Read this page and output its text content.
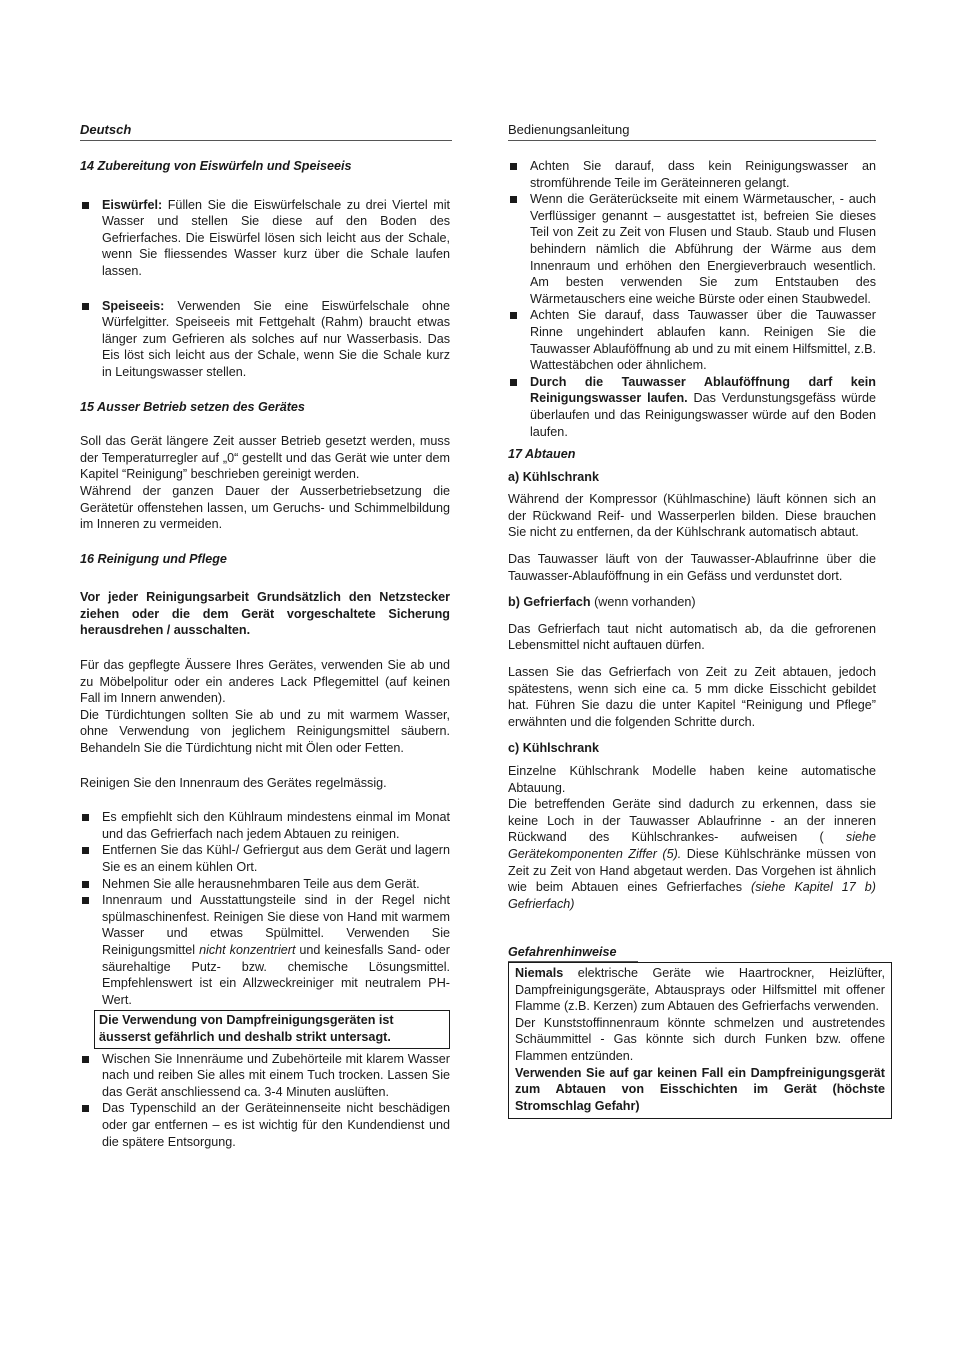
Deutsch	Bedienungsanleitung

14 Zubereitung von Eiswürfeln und Speiseeis

Eiswürfel: Füllen Sie die Eiswürfelschale zu drei Viertel mit Wasser und stellen Sie diese auf den Boden des Gefrierfaches. Die Eiswürfel lösen sich leicht aus der Schale, wenn Sie fliessendes Wasser kurz über die Schale laufen lassen.
Speiseeis: Verwenden Sie eine Eiswürfelschale ohne Würfelgitter. Speiseeis mit Fettgehalt (Rahm) braucht etwas länger zum Gefrieren als solches auf nur Wasserbasis. Das Eis löst sich leicht aus der Schale, wenn Sie die Schale kurz in Leitungswasser stellen.

15 Ausser Betrieb setzen des Gerätes

Soll das Gerät längere Zeit ausser Betrieb gesetzt werden, muss der Temperaturregler auf „0“ gestellt und das Gerät wie unter dem Kapitel “Reinigung” beschrieben gereinigt werden.

Während der ganzen Dauer der Ausserbetriebsetzung die Gerätetür offenstehen lassen, um Geruchs- und Schimmelbildung im Inneren zu vermeiden.

16 Reinigung und Pflege

Vor jeder Reinigungsarbeit Grundsätzlich den Netzstecker ziehen oder die dem Gerät vorgeschaltete Sicherung herausdrehen / ausschalten.

Für das gepflegte Äussere Ihres Gerätes, verwenden Sie ab und zu Möbelpolitur oder ein anderes Lack Pflegemittel (auf keinen Fall im Innern anwenden).

Die Türdichtungen sollten Sie ab und zu mit warmem Wasser, ohne Verwendung von jeglichem Reinigungsmittel säubern. Behandeln Sie die Türdichtung nicht mit Ölen oder Fetten.

Reinigen Sie den Innenraum des Gerätes regelmässig.

Es empfiehlt sich den Kühlraum mindestens einmal im Monat und das Gefrierfach nach jedem Abtauen zu reinigen.
Entfernen Sie das Kühl-/ Gefriergut aus dem Gerät und lagern Sie es an einem kühlen Ort.
Nehmen Sie alle herausnehmbaren Teile aus dem Gerät.
Innenraum und Ausstattungsteile sind in der Regel nicht spülmaschinenfest. Reinigen Sie diese von Hand mit warmem Wasser und etwas Spülmittel. Verwenden Sie Reinigungsmittel nicht konzentriert und keinesfalls Sand- oder säurehaltige Putz- bzw. chemische Lösungsmittel. Empfehlenswert ist ein Allzweckreiniger mit neutralem PH-Wert.
Die Verwendung von Dampfreinigungsgeräten ist äusserst gefährlich und deshalb strikt untersagt.
Wischen Sie Innenräume und Zubehörteile mit klarem Wasser nach und reiben Sie alles mit einem Tuch trocken. Lassen Sie das Gerät anschliessend ca. 3-4 Minuten auslüften.
Das Typenschild an der Geräteinnenseite nicht beschädigen oder gar entfernen – es ist wichtig für den Kundendienst und die spätere Entsorgung.
Achten Sie darauf, dass kein Reinigungswasser an stromführende Teile im Geräteinneren gelangt.
Wenn die Geräterückseite mit einem Wärmetauscher, - auch Verflüssiger genannt – ausgestattet ist, befreien Sie dieses Teil von Zeit zu Zeit von Flusen und Staub. Staub und Flusen behindern nämlich die Abführung der Wärme aus dem Innenraum und erhöhen den Energieverbrauch wesentlich. Am besten verwenden Sie zum Entstauben des Wärmetauschers eine weiche Bürste oder einen Staubwedel.
Achten Sie darauf, dass Tauwasser über die Tauwasser Rinne ungehindert ablaufen kann. Reinigen Sie die Tauwasser Ablauföffnung ab und zu mit einem Hilfsmittel, z.B. Wattestäbchen oder ähnlichem.
Durch die Tauwasser Ablauföffnung darf kein Reinigungswasser laufen. Das Verdunstungsgefäss würde überlaufen und das Reinigungswasser würde auf den Boden laufen.

17 Abtauen

a) Kühlschrank

Während der Kompressor (Kühlmaschine) läuft können sich an der Rückwand Reif- und Wasserperlen bilden. Diese brauchen Sie nicht zu entfernen, da der Kühlschrank automatisch abtaut.

Das Tauwasser läuft von der Tauwasser-Ablaufrinne über die Tauwasser-Ablauföffnung in ein Gefäss und verdunstet dort.

b) Gefrierfach (wenn vorhanden)

Das Gefrierfach taut nicht automatisch ab, da die gefrorenen Lebensmittel nicht auftauen dürfen.

Lassen Sie das Gefrierfach von Zeit zu Zeit abtauen, jedoch spätestens, wenn sich eine ca. 5 mm dicke Eisschicht gebildet hat. Führen Sie dazu die unter Kapitel “Reinigung und Pflege” erwähnten und die folgenden Schritte durch.

c) Kühlschrank

Einzelne Kühlschrank Modelle haben keine automatische Abtauung.

Die betreffenden Geräte sind dadurch zu erkennen, dass sie keine Loch in der Tauwasser Ablaufrinne - an der inneren Rückwand des Kühlschrankes- aufweisen ( siehe Gerätekomponenten Ziffer (5). Diese Kühlschränke müssen von Zeit zu Zeit von Hand abgetaut werden. Das Vorgehen ist ähnlich wie beim Abtauen eines Gefrierfaches (siehe Kapitel 17 b) Gefrierfach)

Gefahrenhinweise

Niemals elektrische Geräte wie Haartrockner, Heizlüfter, Dampfreinigungsgeräte, Abtausprays oder Hilfsmittel mit offener Flamme (z.B. Kerzen) zum Abtauen des Gefrierfachs verwenden.

Der Kunststoffinnenraum könnte schmelzen und austretendes Schäummittel - Gas könnte sich durch Funken bzw. offene Flammen entzünden.

Verwenden Sie auf gar keinen Fall ein Dampfreinigungsgerät zum Abtauen von Eisschichten im Gerät (höchste Stromschlag Gefahr)
